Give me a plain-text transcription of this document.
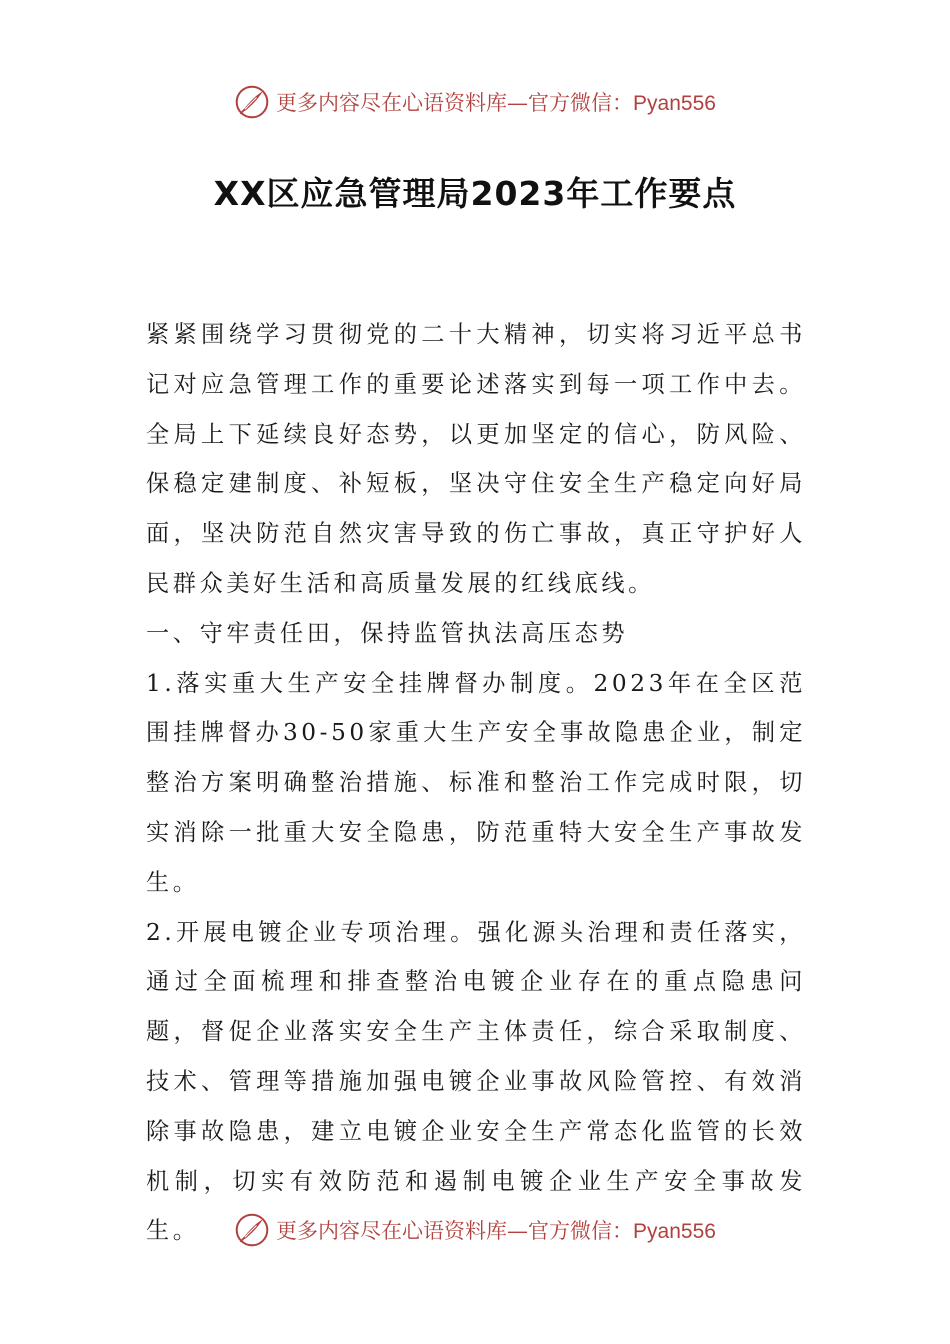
更多内容尽在心语资料库—官方微信：Pyan556
XX区应急管理局2023年工作要点

紧紧围绕学习贯彻党的二十大精神，切实将习近平总书记对应急管理工作的重要论述落实到每一项工作中去。全局上下延续良好态势，以更加坚定的信心，防风险、保稳定建制度、补短板，坚决守住安全生产稳定向好局面，坚决防范自然灾害导致的伤亡事故，真正守护好人民群众美好生活和高质量发展的红线底线。

一、守牢责任田，保持监管执法高压态势

1.落实重大生产安全挂牌督办制度。2023年在全区范围挂牌督办30-50家重大生产安全事故隐患企业，制定整治方案明确整治措施、标准和整治工作完成时限，切实消除一批重大安全隐患，防范重特大安全生产事故发生。

2.开展电镀企业专项治理。强化源头治理和责任落实，通过全面梳理和排查整治电镀企业存在的重点隐患问题，督促企业落实安全生产主体责任，综合采取制度、技术、管理等措施加强电镀企业事故风险管控、有效消除事故隐患，建立电镀企业安全生产常态化监管的长效机制，切实有效防范和遏制电镀企业生产安全事故发生。	更多内容尽在心语资料库—官方微信：Pyan556
